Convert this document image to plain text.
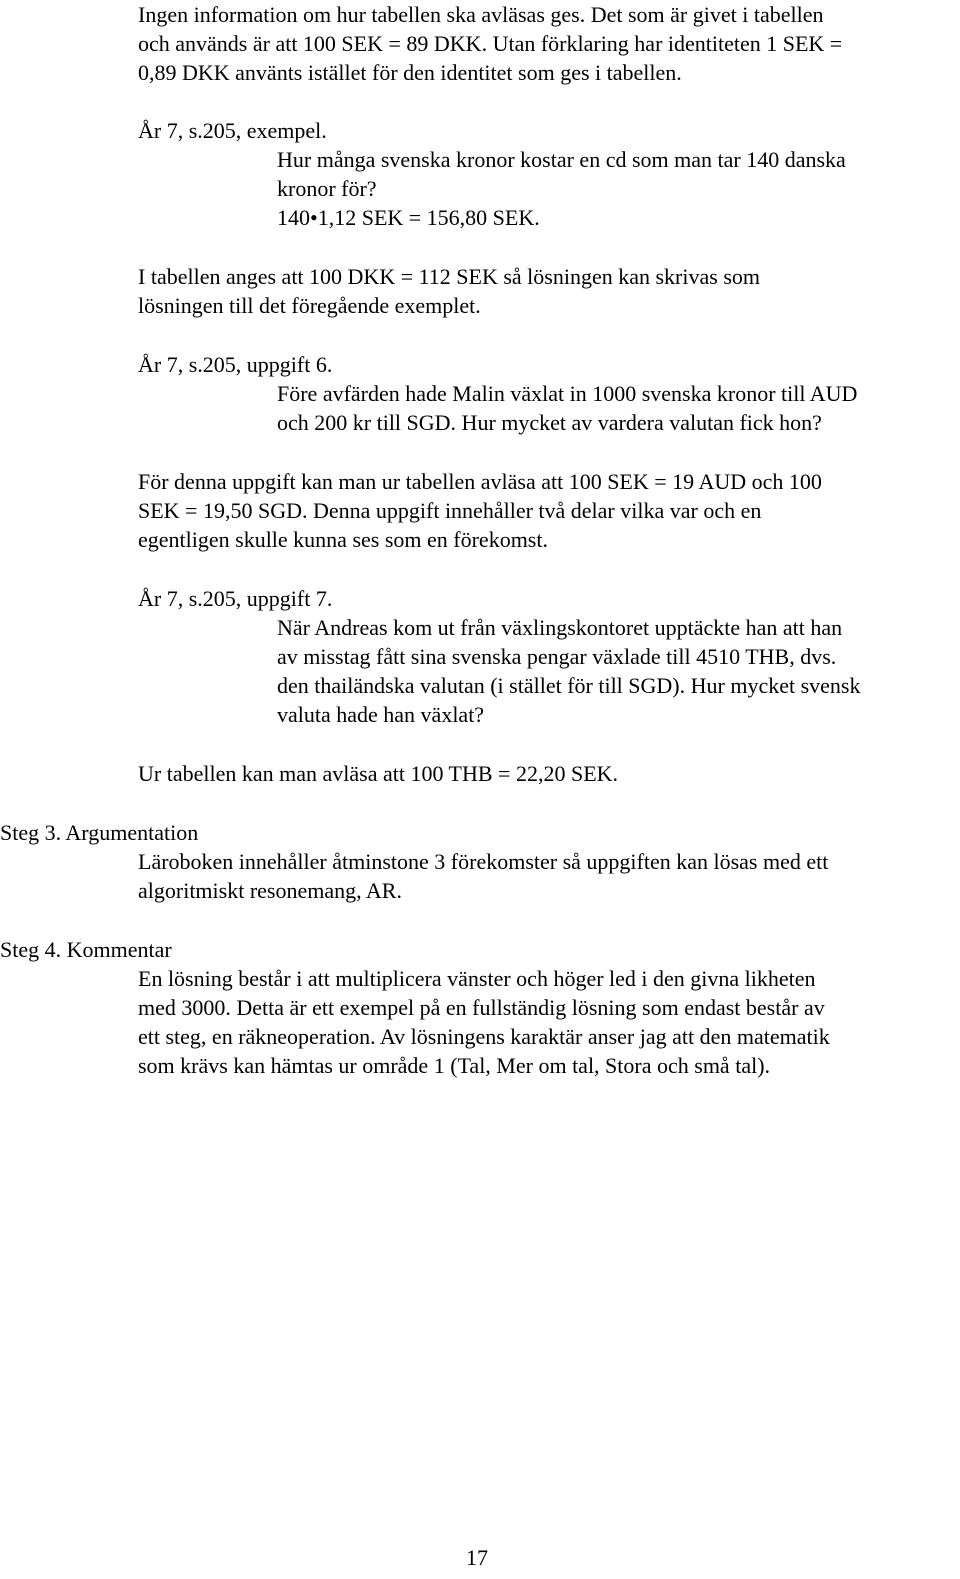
Ingen information om hur tabellen ska avläsas ges. Det som är givet i tabellen

och används är att 100 SEK = 89 DKK. Utan förklaring har identiteten 1 SEK =

0,89 DKK använts istället för den identitet som ges i tabellen.

År 7, s.205, exempel.

Hur många svenska kronor kostar en cd som man tar 140 danska

kronor för?

140•1,12 SEK = 156,80 SEK.

I tabellen anges att 100 DKK = 112 SEK så lösningen kan skrivas som

lösningen till det föregående exemplet.

År 7, s.205, uppgift 6.

Före avfärden hade Malin växlat in 1000 svenska kronor till AUD

och 200 kr till SGD. Hur mycket av vardera valutan fick hon?

För denna uppgift kan man ur tabellen avläsa att 100 SEK = 19 AUD och 100

SEK = 19,50 SGD. Denna uppgift innehåller två delar vilka var och en

egentligen skulle kunna ses som en förekomst.

År 7, s.205, uppgift 7.

När Andreas kom ut från växlingskontoret upptäckte han att han

av misstag fått sina svenska pengar växlade till 4510 THB, dvs.

den thailändska valutan (i stället för till SGD). Hur mycket svensk

valuta hade han växlat?

Ur tabellen kan man avläsa att 100 THB = 22,20 SEK.

Steg 3. Argumentation

Läroboken innehåller åtminstone 3 förekomster så uppgiften kan lösas med ett

algoritmiskt resonemang, AR.

Steg 4. Kommentar

En lösning består i att multiplicera vänster och höger led i den givna likheten

med 3000. Detta är ett exempel på en fullständig lösning som endast består av

ett steg, en räkneoperation. Av lösningens karaktär anser jag att den matematik

som krävs kan hämtas ur område 1 (Tal, Mer om tal, Stora och små tal).

17
